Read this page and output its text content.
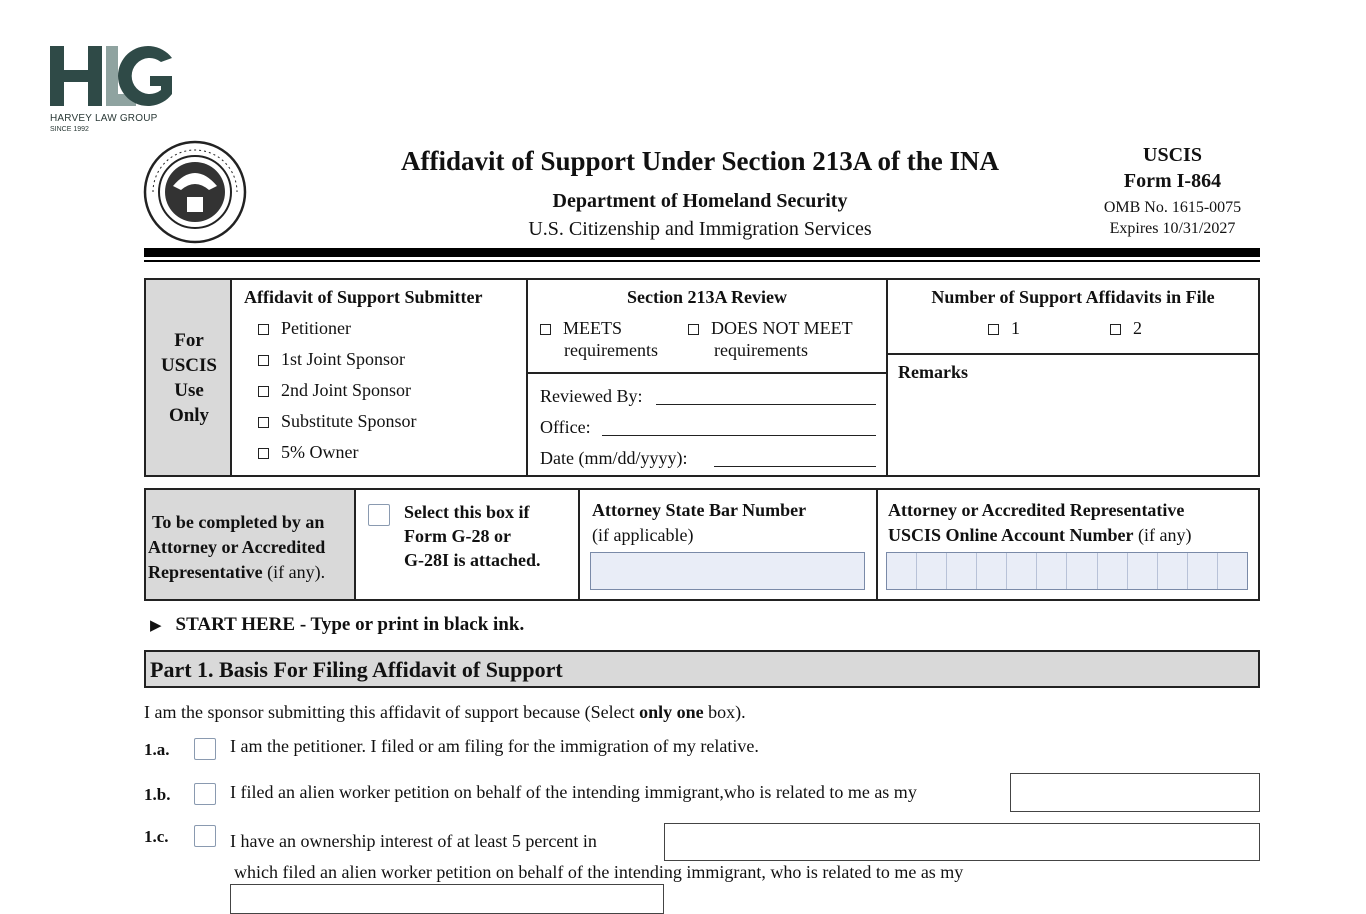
HARVEY LAW GROUP
SINCE 1992
Affidavit of Support Under Section 213A of the INA
Department of Homeland Security
U.S. Citizenship and Immigration Services
USCIS
Form I-864
OMB No. 1615-0075
Expires 10/31/2027
For
USCIS
Use
Only
Affidavit of Support Submitter
Petitioner
1st Joint Sponsor
2nd Joint Sponsor
Substitute Sponsor
5% Owner
Section 213A Review
MEETS
requirements
DOES NOT MEET
requirements
Reviewed By:
Office:
Date (mm/dd/yyyy):
Number of Support Affidavits in File
1	2
Remarks
To be completed by an
Attorney or Accredited
Representative (if any).
Select this box if
Form G-28 or
G-28I is attached.
Attorney State Bar Number
(if applicable)
Attorney or Accredited Representative
USCIS Online Account Number (if any)
▶ START HERE - Type or print in black ink.
Part 1. Basis For Filing Affidavit of Support
I am the sponsor submitting this affidavit of support because (Select only one box).
1.a.	I am the petitioner. I filed or am filing for the immigration of my relative.
1.b.	I filed an alien worker petition on behalf of the intending immigrant,who is related to me as my
1.c.	I have an ownership interest of at least 5 percent in
which filed an alien worker petition on behalf of the intending immigrant, who is related to me as my
